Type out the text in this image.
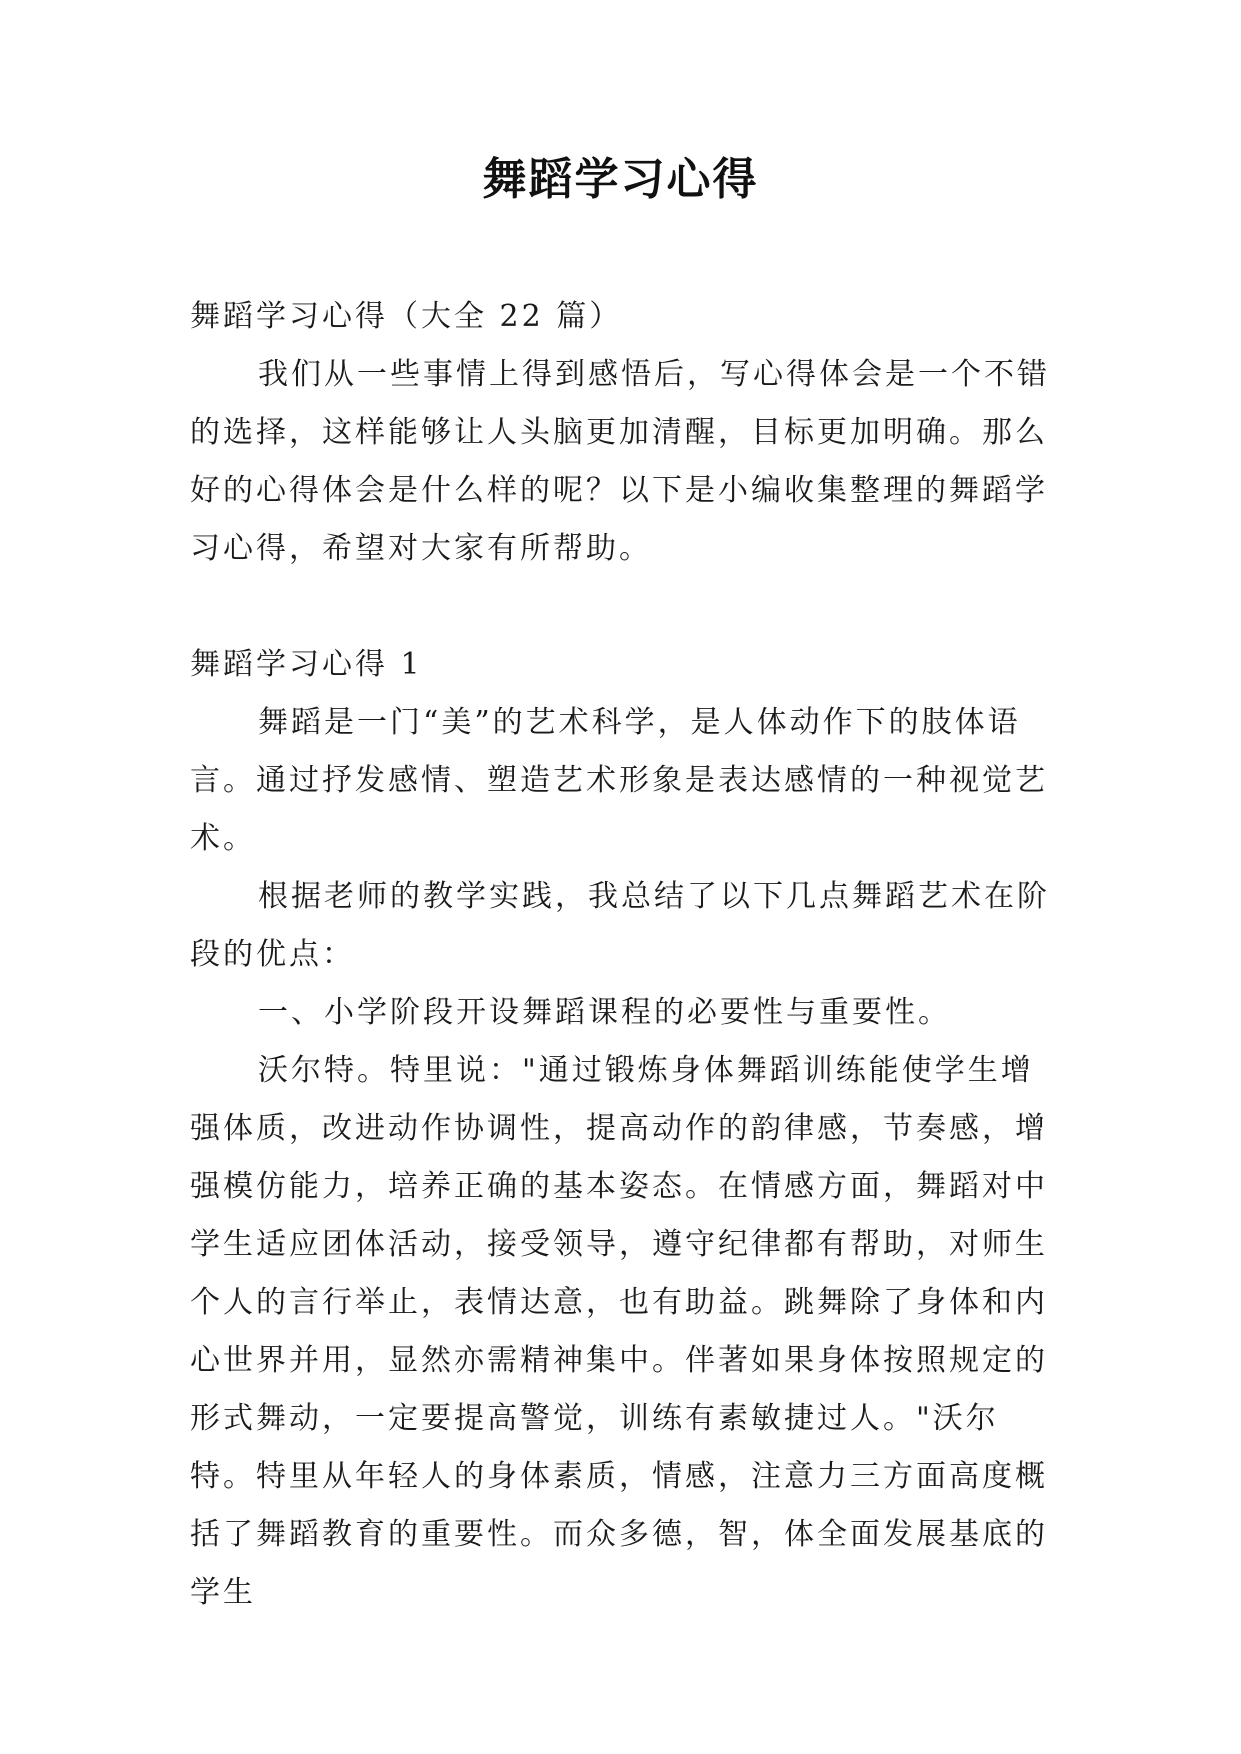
舞蹈学习心得

舞蹈学习心得（大全 22 篇）

我们从一些事情上得到感悟后，写心得体会是一个不错的选择，这样能够让人头脑更加清醒，目标更加明确。那么好的心得体会是什么样的呢？以下是小编收集整理的舞蹈学习心得，希望对大家有所帮助。

舞蹈学习心得 1

舞蹈是一门“美”的艺术科学，是人体动作下的肢体语言。通过抒发感情、塑造艺术形象是表达感情的一种视觉艺术。

根据老师的教学实践，我总结了以下几点舞蹈艺术在阶段的优点：

一、小学阶段开设舞蹈课程的必要性与重要性。

沃尔特。特里说："通过锻炼身体舞蹈训练能使学生增强体质，改进动作协调性，提高动作的韵律感，节奏感，增强模仿能力，培养正确的基本姿态。在情感方面，舞蹈对中学生适应团体活动，接受领导，遵守纪律都有帮助，对师生个人的言行举止，表情达意，也有助益。跳舞除了身体和内心世界并用，显然亦需精神集中。伴著如果身体按照规定的形式舞动，一定要提高警觉，训练有素敏捷过人。"沃尔特。特里从年轻人的身体素质，情感，注意力三方面高度概括了舞蹈教育的重要性。而众多德，智，体全面发展基底的学生
